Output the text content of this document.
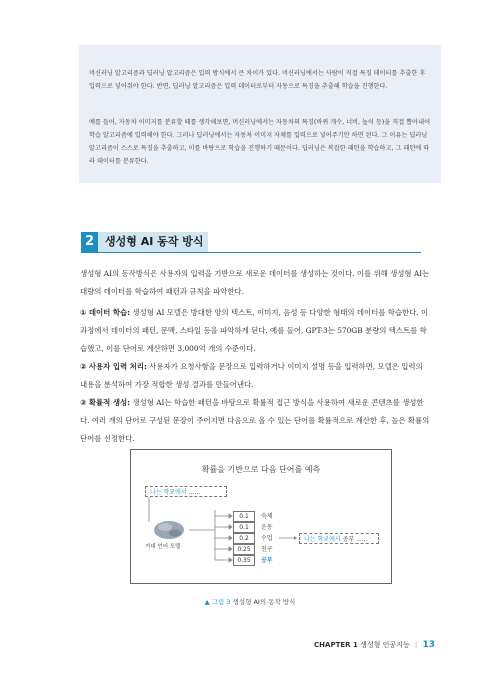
머신러닝 알고리즘과 딥러닝 알고리즘은 입력 방식에서 큰 차이가 있다. 머신러닝에서는 사람이 직접 특징 데이터를 추출한 후 입력으로 넣어줘야 한다. 반면, 딥러닝 알고리즘은 입력 데이터로부터 자동으로 특징을 추출해 학습을 진행한다.

예를 들어, 자동차 이미지를 분류할 때를 생각해보면, 머신러닝에서는 자동차의 특징(바퀴 개수, 너비, 높이 등)을 직접 뽑아내어 학습 알고리즘에 입력해야 한다. 그러나 딥러닝에서는 자동차 이미지 자체를 입력으로 넣어주기만 하면 된다. 그 이유는 딥러닝 알고리즘이 스스로 특징을 추출하고, 이를 바탕으로 학습을 진행하기 때문이다. 딥러닝은 복잡한 패턴을 학습하고, 그 패턴에 따라 데이터를 분류한다.

2 생성형 AI 동작 방식
생성형 AI의 동작방식은 사용자의 입력을 기반으로 새로운 데이터를 생성하는 것이다. 이를 위해 생성형 AI는 대량의 데이터를 학습하여 패턴과 규칙을 파악한다.
① 데이터 학습: 생성형 AI 모델은 방대한 양의 텍스트, 이미지, 음성 등 다양한 형태의 데이터를 학습한다. 이 과정에서 데이터의 패턴, 문맥, 스타일 등을 파악하게 된다. 예를 들어, GPT-3는 570GB 분량의 텍스트를 학습했고, 이를 단어로 계산하면 3,000억 개의 수준이다.
② 사용자 입력 처리: 사용자가 요청사항을 문장으로 입력하거나 이미지 설명 등을 입력하면, 모델은 입력의 내용을 분석하여 가장 적합한 생성 결과를 만들어낸다.
③ 확률적 생성: 생성형 AI는 학습한 패턴을 바탕으로 확률적 접근 방식을 사용하여 새로운 콘텐츠를 생성한다. 여러 개의 단어로 구성된 문장이 주어지면 다음으로 올 수 있는 단어를 확률적으로 계산한 후, 높은 확률의 단어를 선정한다.
확률을 기반으로 다음 단어를 예측
나는 학교에서 ......
거대 언어 모델
0.1	숙제
0.1	운동
0.2	수업
0.25	친구
0.35	공부
나는 학교에서 공부 ......
▲ 그림 3 생성형 AI의 동작 방식
CHAPTER 1 생성형 인공지능 | 13
